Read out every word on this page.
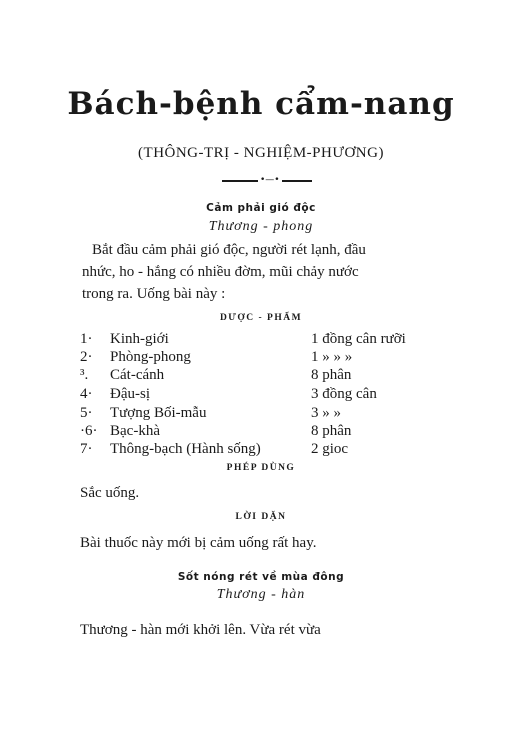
Bách-bệnh cẩm-nang
(THÔNG-TRỊ - NGHIỆM-PHƯƠNG)
•—•
Cảm phải gió độc
Thương - phong
Bắt đầu cảm phải gió độc, người rét lạnh, đầu
nhức, ho - hắng có nhiều đờm, mũi chảy nước
trong ra. Uống bài này :
DƯỢC - PHẨM
1·	Kinh-giới	1 đồng cân rưỡi
2·	Phòng-phong	1 » » »
³.	Cát-cánh	8 phân
4·	Đậu-sị	3 đồng cân
5·	Tượng Bối-mẫu	3 » »
·6· Bạc-khà	8 phân
7·	Thông-bạch (Hành sống)	2 gioc
PHÉP DÙNG
Sắc uống.
LỜI DẶN
Bài thuốc này mới bị cảm uống rất hay.
Sốt nóng rét về mùa đông
Thương - hàn
Thương - hàn mới khởi lên. Vừa rét vừa
